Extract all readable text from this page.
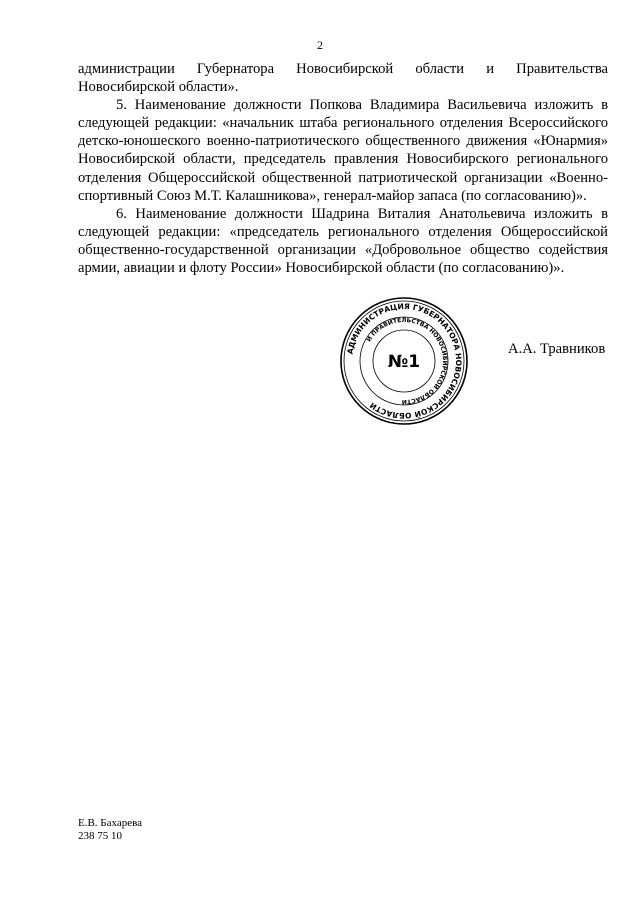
2

администрации Губернатора Новосибирской области и Правительства Новосибирской области».

5. Наименование должности Попкова Владимира Васильевича изложить в следующей редакции: «начальник штаба регионального отделения Всероссийского детско-юношеского военно-патриотического общественного движения «Юнармия» Новосибирской области, председатель правления Новосибирского регионального отделения Общероссийской общественной патриотической организации «Военно-спортивный Союз М.Т. Калашникова», генерал-майор запаса (по согласованию)».

6. Наименование должности Шадрина Виталия Анатольевича изложить в следующей редакции: «председатель регионального отделения Общероссийской общественно-государственной организации «Добровольное общество содействия армии, авиации и флоту России» Новосибирской области (по согласованию)».

АДМИНИСТРАЦИЯ ГУБЕРНАТОРА НОВОСИБИРСКОЙ ОБЛАСТИ
И ПРАВИТЕЛЬСТВА НОВОСИБИРСКОЙ ОБЛАСТИ
№1
А.А. Травников
Е.В. Бахарева
238 75 10
